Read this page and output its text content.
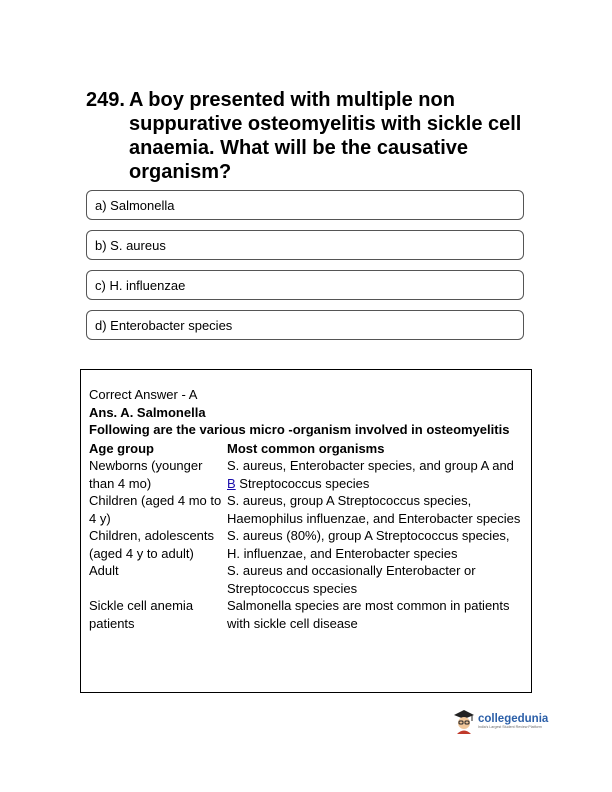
249. A boy presented with multiple non suppurative osteomyelitis with sickle cell anaemia. What will be the causative organism?
a) Salmonella
b) S. aureus
c) H. influenzae
d) Enterobacter species
Correct Answer - A
Ans. A. Salmonella
Following are the various micro -organism involved in osteomyelitis
Age group	Most common organisms
Newborns (younger than 4 mo)	S. aureus, Enterobacter species, and group A and B Streptococcus species
Children (aged 4 mo to 4 y)	S. aureus, group A Streptococcus species, Haemophilus influenzae, and Enterobacter species
Children, adolescents (aged 4 y to adult)	S. aureus (80%), group A Streptococcus species, H. influenzae, and Enterobacter species
Adult	S. aureus and occasionally Enterobacter or Streptococcus species
Sickle cell anemia patients	Salmonella species are most common in patients with sickle cell disease
collegedunia
India's Largest Student Review Platform
